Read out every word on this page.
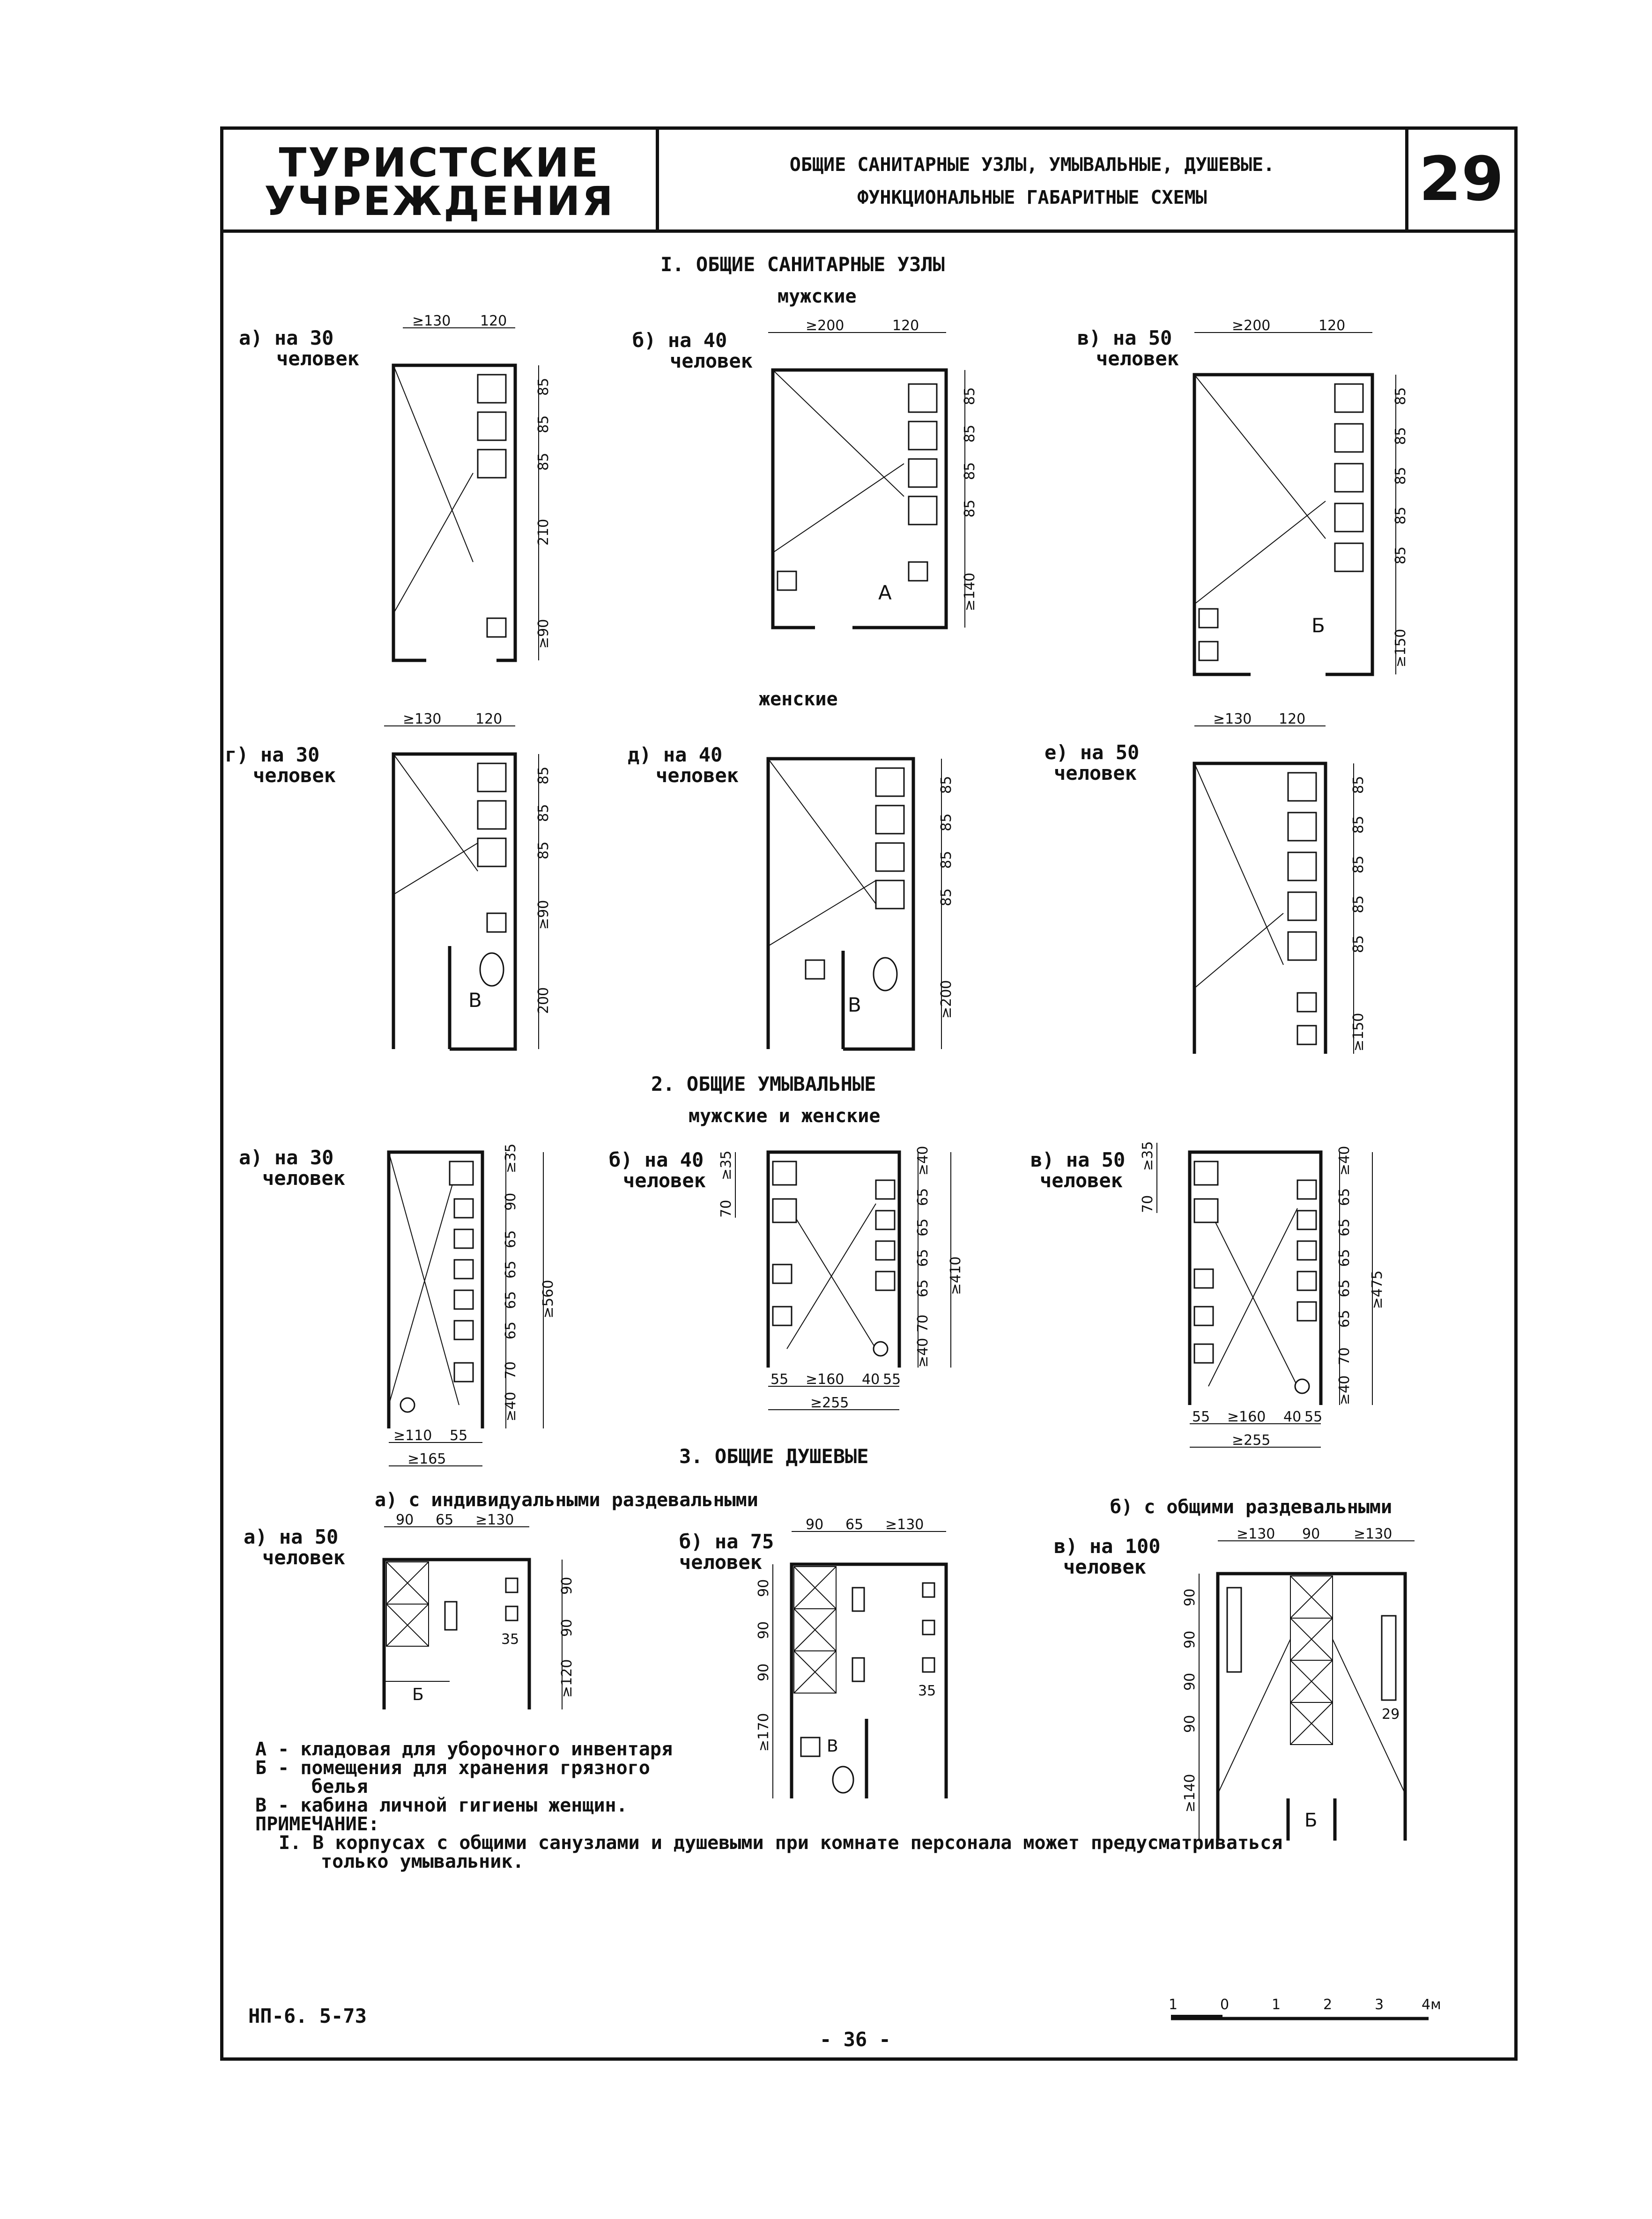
ТУРИСТСКИЕ УЧРЕЖДЕНИЯ
ОБЩИЕ САНИТАРНЫЕ УЗЛЫ, УМЫВАЛЬНЫЕ, ДУШЕВЫЕ.
ФУНКЦИОНАЛЬНЫЕ ГАБАРИТНЫЕ СХЕМЫ	29
I. ОБЩИЕ САНИТАРНЫЕ УЗЛЫ
мужские
женские
2. ОБЩИЕ УМЫВАЛЬНЫЕ
мужские и женские
3. ОБЩИЕ ДУШЕВЫЕ
а) с индивидуальными раздевальными	б) с общими раздевальными
а) на 30
человек
б) на 40
человек
в) на 50
человек
г) на 30
человек
д) на 40
человек
е) на 50
человек
а) на 30
человек
б) на 40
человек
в) на 50
человек
а) на 50
человек
б) на 75
человек
в) на 100
человек
≥130 120
85
85
85
210
≥90
≥200	120
А
85
85
85
85
≥140
≥200	120
Б
85
85
85
85
85
≥150
≥130 120
В
85
85
85
≥90
200	В
85
85
85
85
≥200
≥130 120
85
85
85
85
85
≥150
≥35
90
65
65
65
65
70
≥40
≥560
≥110 55
≥165
≥35
70
≥40
65
65
65
65
70
≥40
≥410
55 ≥160 40 55
≥255
≥35
70
≥40
65
65
65
65
65
70
≥40
≥475
55 ≥160 40 55
≥255
90 65 ≥130
35
Б
90
90
≥120
90 65 ≥130
90
90
90
≥170
35
В
≥130 90 ≥130
90
90
90
90
≥140
29
Б
А - кладовая для уборочного инвентаря
Б - помещения для хранения грязного
белья
В - кабина личной гигиены женщин.
ПРИМЕЧАНИЕ:
I. В корпусах с общими санузлами и душевыми при комнате персонала может предусматриваться
только умывальник.
НП-6. 5-73
- 36 -
1	0	1	2	3	4м
